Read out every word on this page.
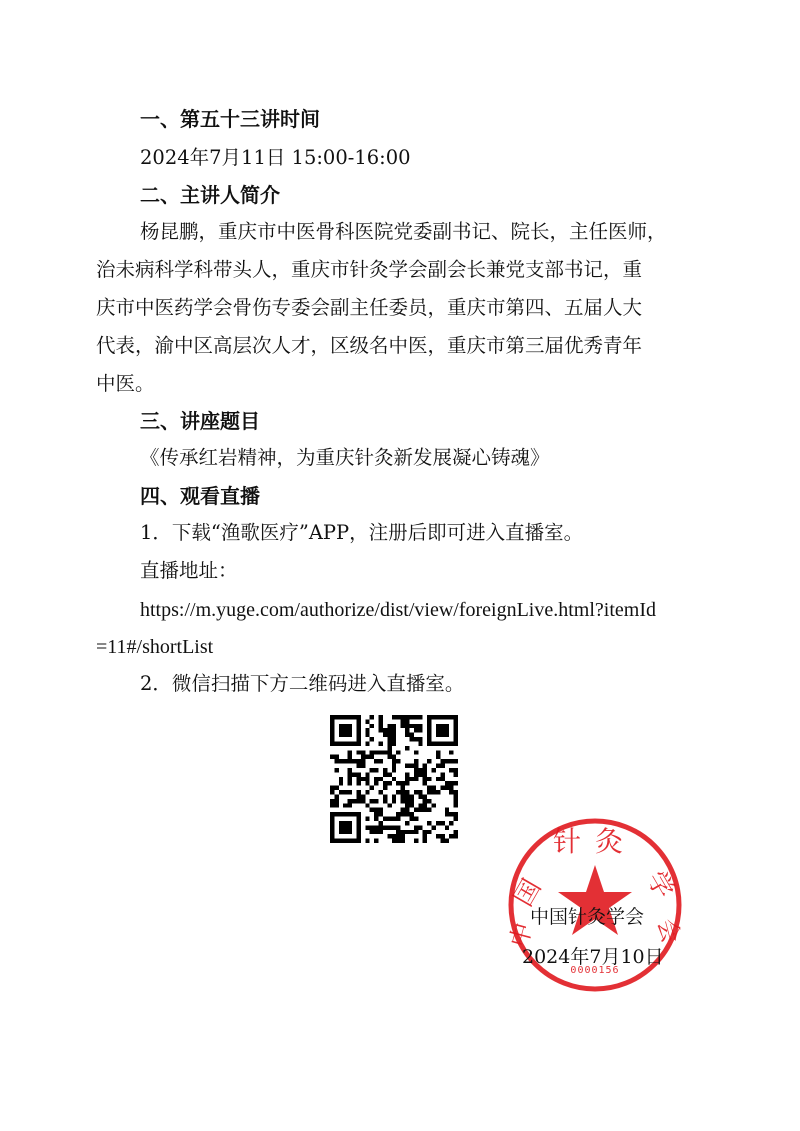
一、第五十三讲时间
2024年7月11日 15:00-16:00
二、主讲人简介
杨昆鹏，重庆市中医骨科医院党委副书记、院长，主任医师，
治未病科学科带头人，重庆市针灸学会副会长兼党支部书记，重
庆市中医药学会骨伤专委会副主任委员，重庆市第四、五届人大
代表，渝中区高层次人才，区级名中医，重庆市第三届优秀青年
中医。
三、讲座题目
《传承红岩精神，为重庆针灸新发展凝心铸魂》
四、观看直播
1．下载“渔歌医疗”APP，注册后即可进入直播室。
直播地址：
https://m.yuge.com/authorize/dist/view/foreignLive.html?itemId
=11#/shortList
2．微信扫描下方二维码进入直播室。
针灸
国	学
中	会
0000156
中国针灸学会
2024年7月10日
